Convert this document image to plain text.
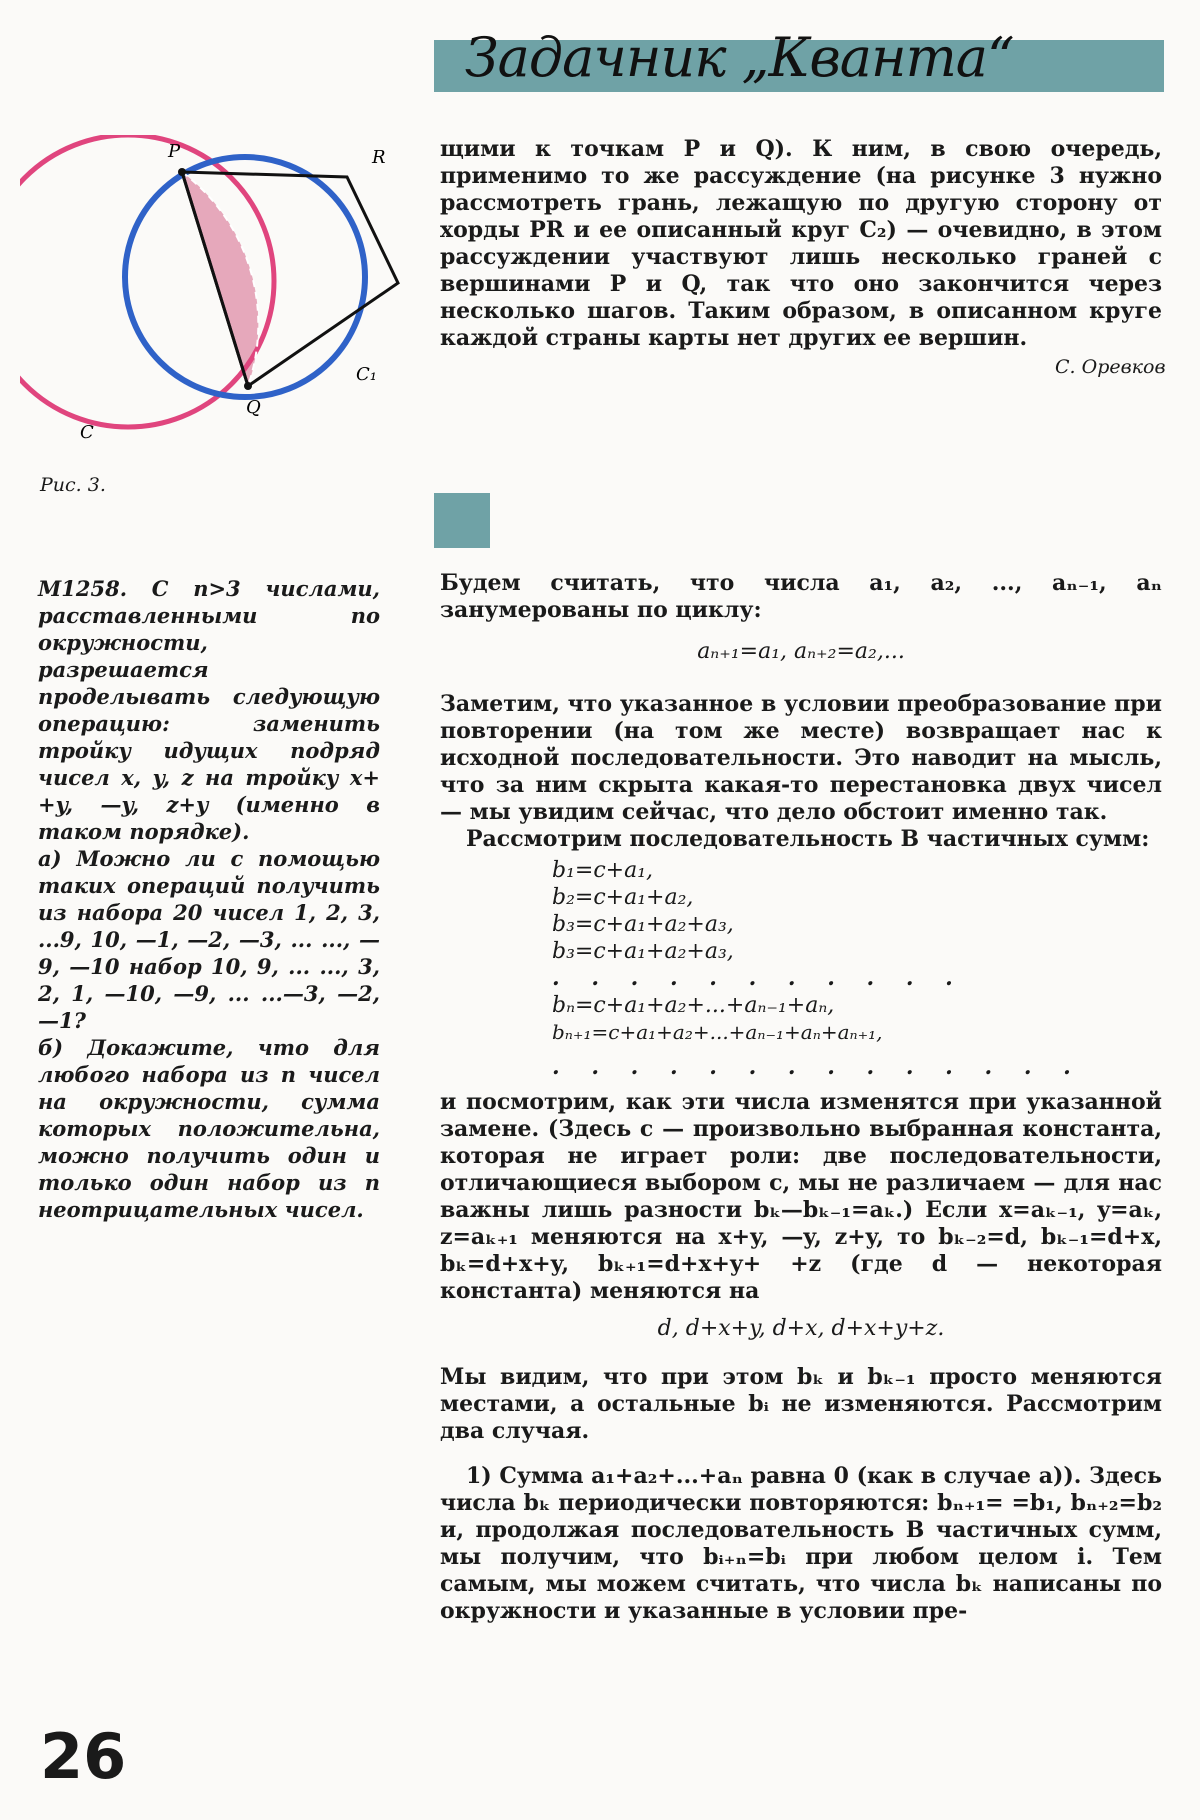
Задачник „Кванта“
P	R
C₁
Q
C
Рис. 3.

щими к точкам P и Q). К ним, в свою очередь, применимо то же рассуждение (на рисунке 3 нужно рассмотреть грань, лежащую по другую сторону от хорды PR и ее описанный круг C₂) — очевидно, в этом рассуждении участвуют лишь несколько граней с вершинами P и Q, так что оно закончится через несколько шагов. Таким образом, в описанном круге каждой страны карты нет других ее вершин.

С. Оревков

М1258. С n>3 числами, расставленными по окружности, разрешается проделывать следующую операцию: заменить тройку идущих подряд чисел x, y, z на тройку x+ +y, —y, z+y (именно в таком порядке).

а) Можно ли с помощью таких операций получить из набора 20 чисел 1, 2, 3, ...9, 10, —1, —2, —3, ... ..., —9, —10 набор 10, 9, ... ..., 3, 2, 1, —10, —9, ... ...—3, —2, —1?

б) Докажите, что для любого набора из n чисел на окружности, сумма которых положительна, можно получить один и только один набор из n неотрицательных чисел.

Будем считать, что числа a₁, a₂, ..., aₙ₋₁, aₙ занумерованы по циклу:

aₙ₊₁=a₁, aₙ₊₂=a₂,...

Заметим, что указанное в условии преобразование при повторении (на том же месте) возвращает нас к исходной последовательности. Это наводит на мысль, что за ним скрыта какая-то перестановка двух чисел — мы увидим сейчас, что дело обстоит именно так.

Рассмотрим последовательность B частичных сумм:

b₁=c+a₁,
b₂=c+a₁+a₂,
b₃=c+a₁+a₂+a₃,
b₃=c+a₁+a₂+a₃,
. . . . . . . . . . .
bₙ=c+a₁+a₂+...+aₙ₋₁+aₙ,
bₙ₊₁=c+a₁+a₂+...+aₙ₋₁+aₙ+aₙ₊₁,
. . . . . . . . . . . . . .

и посмотрим, как эти числа изменятся при указанной замене. (Здесь c — произвольно выбранная константа, которая не играет роли: две последовательности, отличающиеся выбором c, мы не различаем — для нас важны лишь разности bₖ—bₖ₋₁=aₖ.) Если x=aₖ₋₁, y=aₖ, z=aₖ₊₁ меняются на x+y, —y, z+y, то bₖ₋₂=d, bₖ₋₁=d+x, bₖ=d+x+y, bₖ₊₁=d+x+y+ +z (где d — некоторая константа) меняются на

d, d+x+y, d+x, d+x+y+z.

Мы видим, что при этом bₖ и bₖ₋₁ просто меняются местами, а остальные bᵢ не изменяются. Рассмотрим два случая.

1) Сумма a₁+a₂+...+aₙ равна 0 (как в случае а)). Здесь числа bₖ периодически повторяются: bₙ₊₁= =b₁, bₙ₊₂=b₂ и, продолжая последовательность B частичных сумм, мы получим, что bᵢ₊ₙ=bᵢ при любом целом i. Тем самым, мы можем считать, что числа bₖ написаны по окружности и указанные в условии пре-

26
